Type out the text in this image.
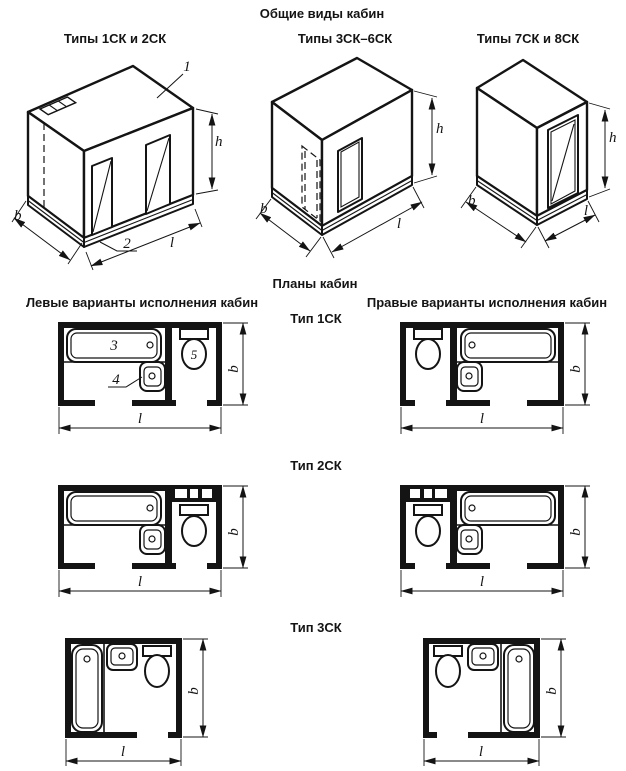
Общие виды кабин
Типы 1СК и 2СК	Типы 3СК–6СК	Типы 7СК и 8СК
Планы кабин
Левые варианты исполнения кабин	Правые варианты исполнения кабин
Тип 1СК
Тип 2СК
Тип 3СК
h
b
l
1
2
h
b
l
h
b
l
3
4
5
b
l
b
l
b
l
b
l
b
l
b
l
